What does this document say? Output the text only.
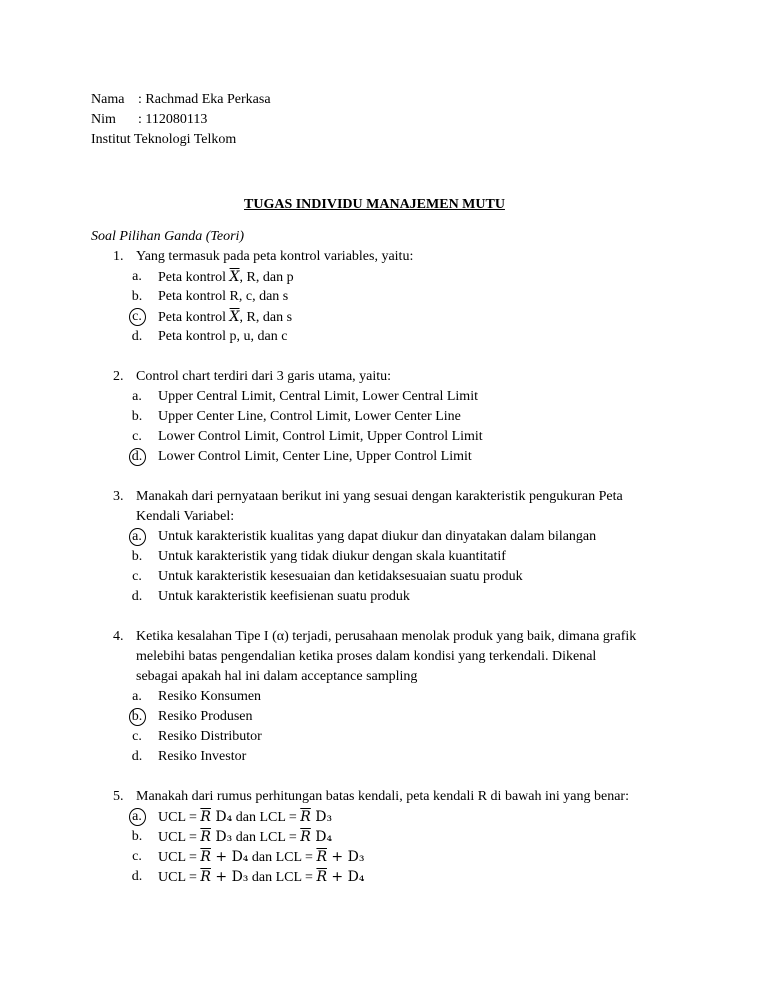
Nama : Rachmad Eka Perkasa
Nim : 112080113
Institut Teknologi Telkom
TUGAS INDIVIDU MANAJEMEN MUTU
Soal Pilihan Ganda (Teori)
1. Yang termasuk pada peta kontrol variables, yaitu:
a.	Peta kontrol $\overline{X}$, R, dan p
b.	Peta kontrol R, c, dan s
c.	Peta kontrol $\overline{X}$, R, dan s
d.	Peta kontrol p, u, dan c
2. Control chart terdiri dari 3 garis utama, yaitu:
a.	Upper Central Limit, Central Limit, Lower Central Limit
b.	Upper Center Line, Control Limit, Lower Center Line
c.	Lower Control Limit, Control Limit, Upper Control Limit
d.	Lower Control Limit, Center Line, Upper Control Limit
3. Manakah dari pernyataan berikut ini yang sesuai dengan karakteristik pengukuran Peta
Kendali Variabel:
a.	Untuk karakteristik kualitas yang dapat diukur dan dinyatakan dalam bilangan
b.	Untuk karakteristik yang tidak diukur dengan skala kuantitatif
c.	Untuk karakteristik kesesuaian dan ketidaksesuaian suatu produk
d.	Untuk karakteristik keefisienan suatu produk
4. Ketika kesalahan Tipe I (α) terjadi, perusahaan menolak produk yang baik, dimana grafik
melebihi batas pengendalian ketika proses dalam kondisi yang terkendali. Dikenal
sebagai apakah hal ini dalam acceptance sampling
a.	Resiko Konsumen
b.	Resiko Produsen
c.	Resiko Distributor
d.	Resiko Investor
5. Manakah dari rumus perhitungan batas kendali, peta kendali R di bawah ini yang benar:
a.	UCL = $\overline{R}$ D₄ dan LCL = $\overline{R}$ D₃
b.	UCL = $\overline{R}$ D₃ dan LCL = $\overline{R}$ D₄
c.	UCL = $\overline{R} + D_4$ dan LCL = $\overline{R} + D_3$
d.	UCL = $\overline{R} + D_3$ dan LCL = $\overline{R} + D_4$
